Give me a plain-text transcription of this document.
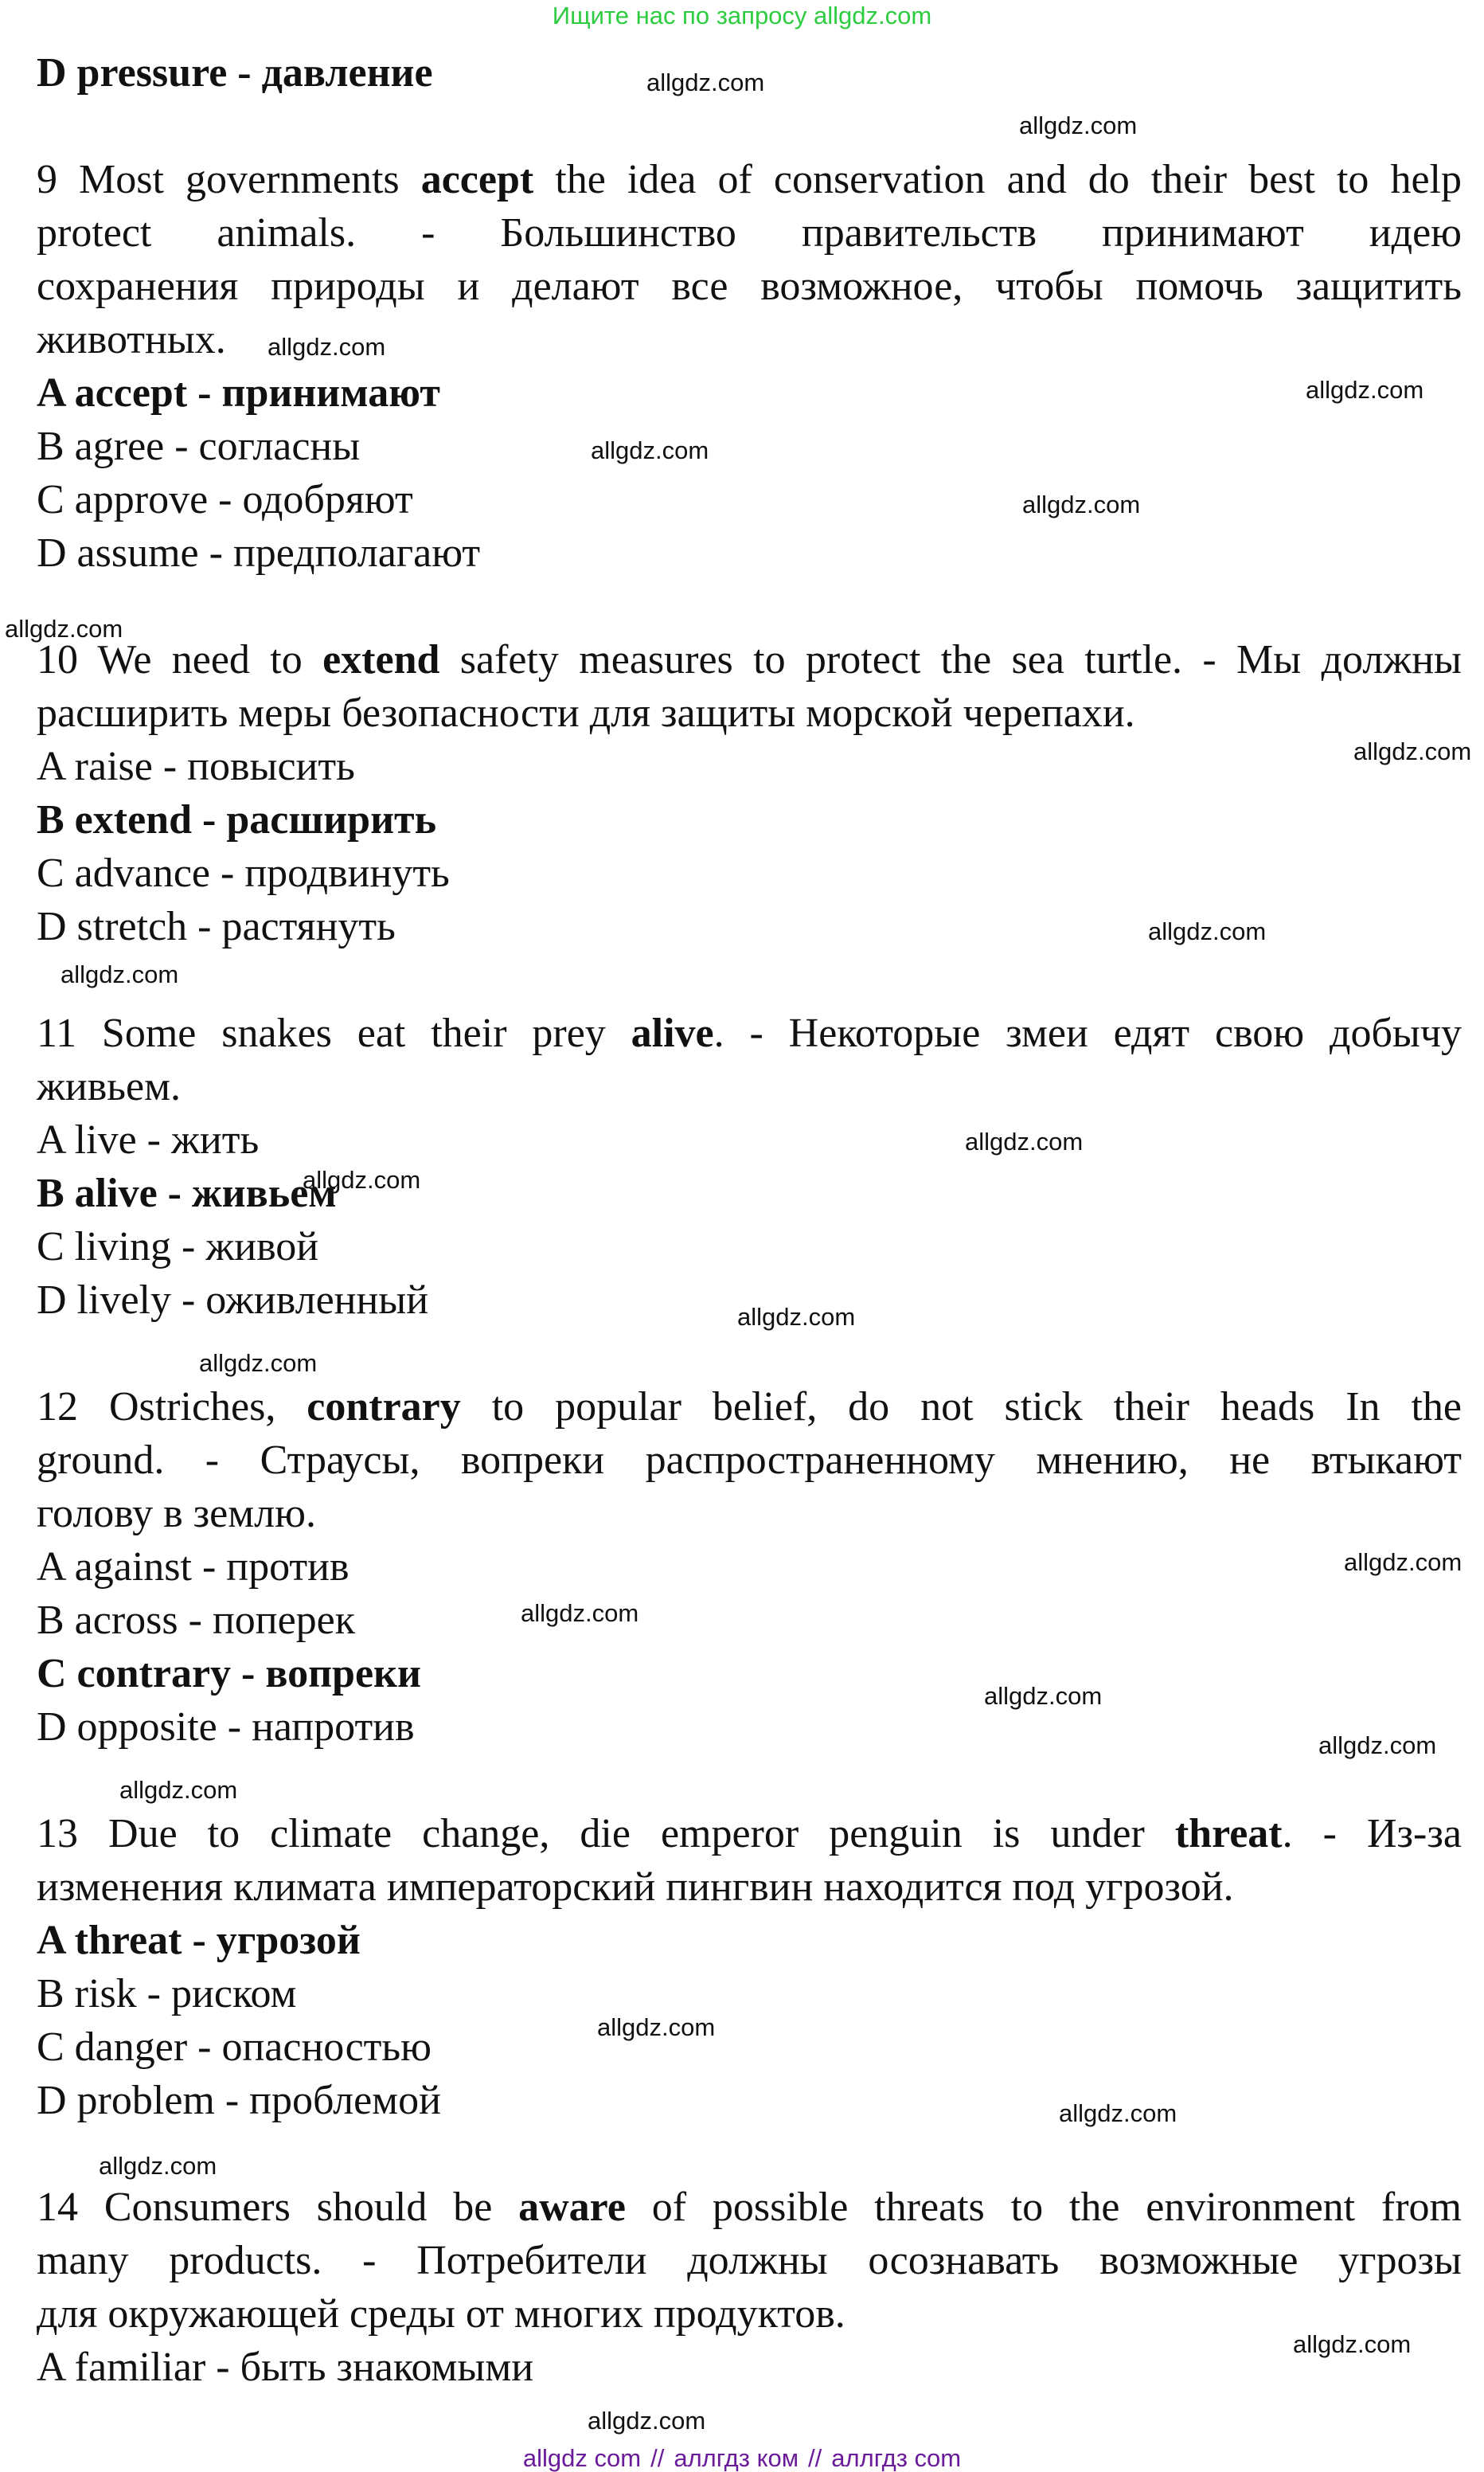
Ищите нас по запросу allgdz.com
D pressure - давление
9 Most governments accept the idea of conservation and do their best to help
protect animals. - Большинство правительств принимают идею
сохранения природы и делают все возможное, чтобы помочь защитить
животных.
A accept - принимают
B agree - согласны
C approve - одобряют
D assume - предполагают
10 We need to extend safety measures to protect the sea turtle. - Мы должны
расширить меры безопасности для защиты морской черепахи.
A raise - повысить
B extend - расширить
C advance - продвинуть
D stretch - растянуть
11 Some snakes eat their prey alive. - Некоторые змеи едят свою добычу
живьем.
A live - жить
B alive - живьем
C living - живой
D lively - оживленный
12 Ostriches, contrary to popular belief, do not stick their heads In the
ground. - Страусы, вопреки распространенному мнению, не втыкают
голову в землю.
A against - против
B across - поперек
C contrary - вопреки
D opposite - напротив
13 Due to climate change, die emperor penguin is under threat. - Из-за
изменения климата императорский пингвин находится под угрозой.
A threat - угрозой
B risk - риском
C danger - опасностью
D problem - проблемой
14 Consumers should be aware of possible threats to the environment from
many products. - Потребители должны осознавать возможные угрозы
для окружающей среды от многих продуктов.
A familiar - быть знакомыми
allgdz.com
allgdz.com
allgdz.com
allgdz.com
allgdz.com
allgdz.com
allgdz.com
allgdz.com
allgdz.com
allgdz.com
allgdz.com
allgdz.com
allgdz.com
allgdz.com
allgdz.com
allgdz.com
allgdz.com
allgdz.com
allgdz.com
allgdz.com
allgdz.com
allgdz.com
allgdz.com
allgdz.com
allgdz com // аллгдз ком // аллгдз com
